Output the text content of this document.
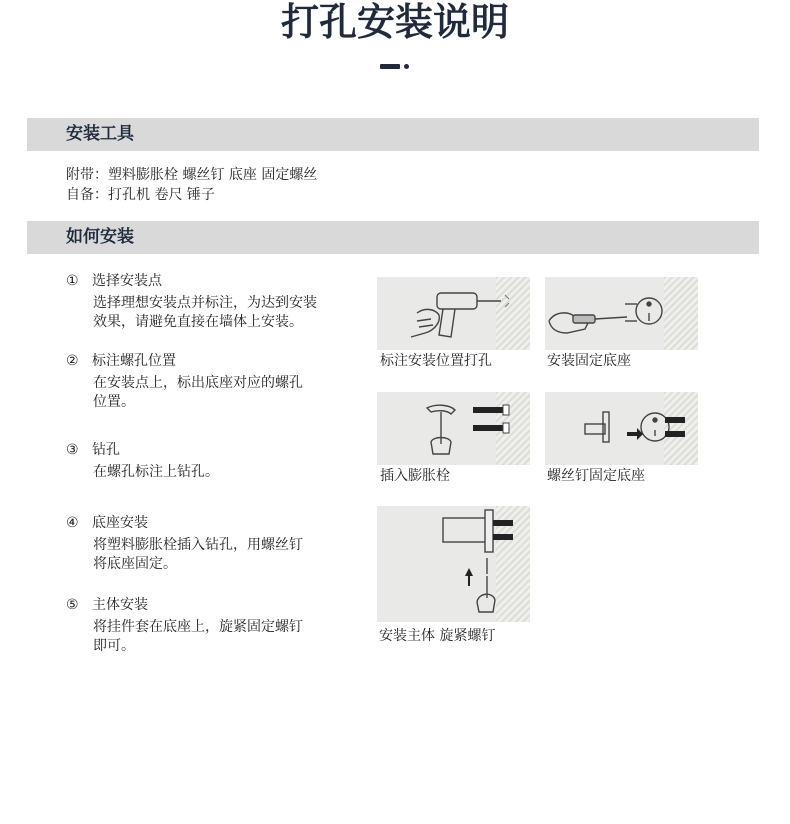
打孔安装说明
安装工具
附带：塑料膨胀栓 螺丝钉 底座 固定螺丝
自备：打孔机 卷尺 锤子
如何安装
① 选择安装点
选择理想安装点并标注，为达到安装
效果，请避免直接在墙体上安装。
② 标注螺孔位置
在安装点上，标出底座对应的螺孔
位置。
③ 钻孔
在螺孔标注上钻孔。
④ 底座安装
将塑料膨胀栓插入钻孔，用螺丝钉
将底座固定。
⑤ 主体安装
将挂件套在底座上，旋紧固定螺钉
即可。
标注安装位置打孔	安装固定底座
插入膨胀栓	螺丝钉固定底座
安装主体 旋紧螺钉
